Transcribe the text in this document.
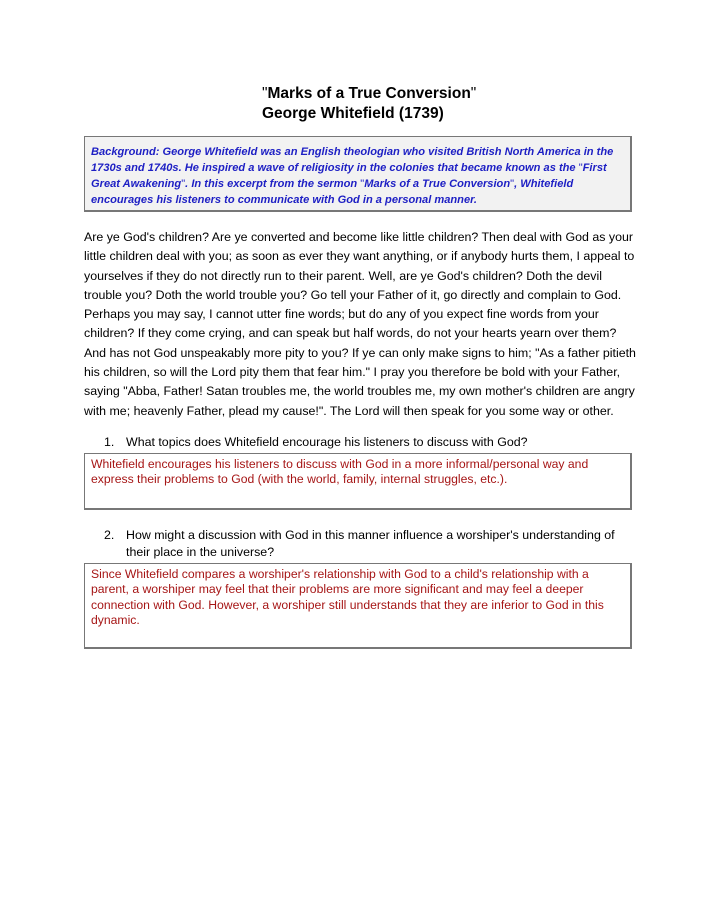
"Marks of a True Conversion"
George Whitefield (1739)
Background: George Whitefield was an English theologian who visited British North America in the 1730s and 1740s. He inspired a wave of religiosity in the colonies that became known as the "First Great Awakening". In this excerpt from the sermon "Marks of a True Conversion", Whitefield encourages his listeners to communicate with God in a personal manner.
Are ye God's children? Are ye converted and become like little children? Then deal with God as your little children deal with you; as soon as ever they want anything, or if anybody hurts them, I appeal to yourselves if they do not directly run to their parent. Well, are ye God's children? Doth the devil trouble you? Doth the world trouble you? Go tell your Father of it, go directly and complain to God. Perhaps you may say, I cannot utter fine words; but do any of you expect fine words from your children? If they come crying, and can speak but half words, do not your hearts yearn over them? And has not God unspeakably more pity to you? If ye can only make signs to him; "As a father pitieth his children, so will the Lord pity them that fear him." I pray you therefore be bold with your Father, saying "Abba, Father! Satan troubles me, the world troubles me, my own mother's children are angry with me; heavenly Father, plead my cause!". The Lord will then speak for you some way or other.
1. What topics does Whitefield encourage his listeners to discuss with God?
Whitefield encourages his listeners to discuss with God in a more informal/personal way and express their problems to God (with the world, family, internal struggles, etc.).
2. How might a discussion with God in this manner influence a worshiper's understanding of their place in the universe?
Since Whitefield compares a worshiper's relationship with God to a child's relationship with a parent, a worshiper may feel that their problems are more significant and may feel a deeper connection with God. However, a worshiper still understands that they are inferior to God in this dynamic.
